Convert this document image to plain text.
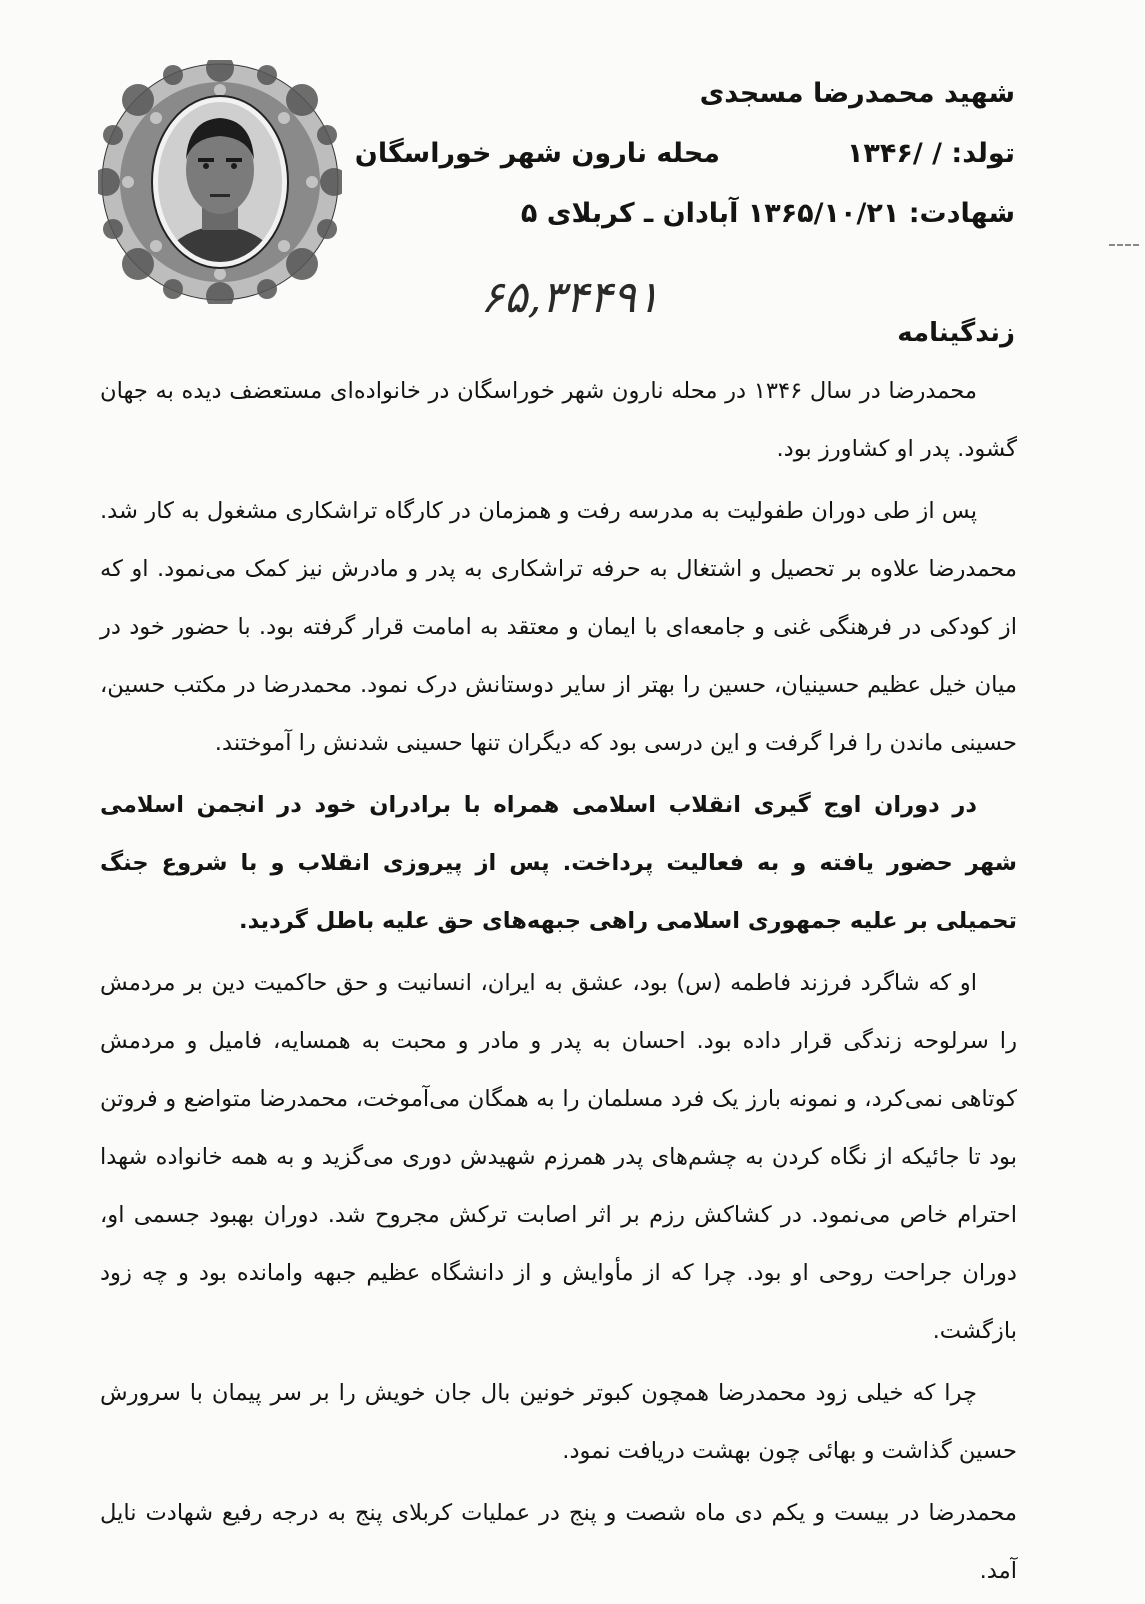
شهید محمدرضا مسجدی
تولد: / /۱۳۴۶
محله نارون شهر خوراسگان
شهادت: ۱۳۶۵/۱۰/۲۱ آبادان ـ کربلای ۵
۶۵,۳۴۴۹۱
زندگینامه

محمدرضا در سال ۱۳۴۶ در محله نارون شهر خوراسگان در خانواده‌ای مستعضف دیده به جهان گشود. پدر او کشاورز بود.

پس از طی دوران طفولیت به مدرسه رفت و همزمان در کارگاه تراشکاری مشغول به کار شد. محمدرضا علاوه بر تحصیل و اشتغال به حرفه تراشکاری به پدر و مادرش نیز کمک می‌نمود. او که از کودکی در فرهنگی غنی و جامعه‌ای با ایمان و معتقد به امامت قرار گرفته بود. با حضور خود در میان خیل عظیم حسینیان، حسین را بهتر از سایر دوستانش درک نمود. محمدرضا در مکتب حسین، حسینی ماندن را فرا گرفت و این درسی بود که دیگران تنها حسینی شدنش را آموختند.

در دوران اوج گیری انقلاب اسلامی همراه با برادران خود در انجمن اسلامی شهر حضور یافته و به فعالیت پرداخت. پس از پیروزی انقلاب و با شروع جنگ تحمیلی بر علیه جمهوری اسلامی راهی جبهه‌های حق علیه باطل گردید.

او که شاگرد فرزند فاطمه (س) بود، عشق به ایران، انسانیت و حق حاکمیت دین بر مردمش را سرلوحه زندگی قرار داده بود. احسان به پدر و مادر و محبت به همسایه، فامیل و مردمش کوتاهی نمی‌کرد، و نمونه بارز یک فرد مسلمان را به همگان می‌آموخت، محمدرضا متواضع و فروتن بود تا جائیکه از نگاه کردن به چشم‌های پدر همرزم شهیدش دوری می‌گزید و به همه خانواده شهدا احترام خاص می‌نمود. در کشاکش رزم بر اثر اصابت ترکش مجروح شد. دوران بهبود جسمی او، دوران جراحت روحی او بود. چرا که از مأوایش و از دانشگاه عظیم جبهه وامانده بود و چه زود بازگشت.

چرا که خیلی زود محمدرضا همچون کبوتر خونین بال جان خویش را بر سر پیمان با سرورش حسین گذاشت و بهائی چون بهشت دریافت نمود.

محمدرضا در بیست و یکم دی ماه شصت و پنج در عملیات کربلای پنج به درجه رفیع شهادت نایل آمد.
